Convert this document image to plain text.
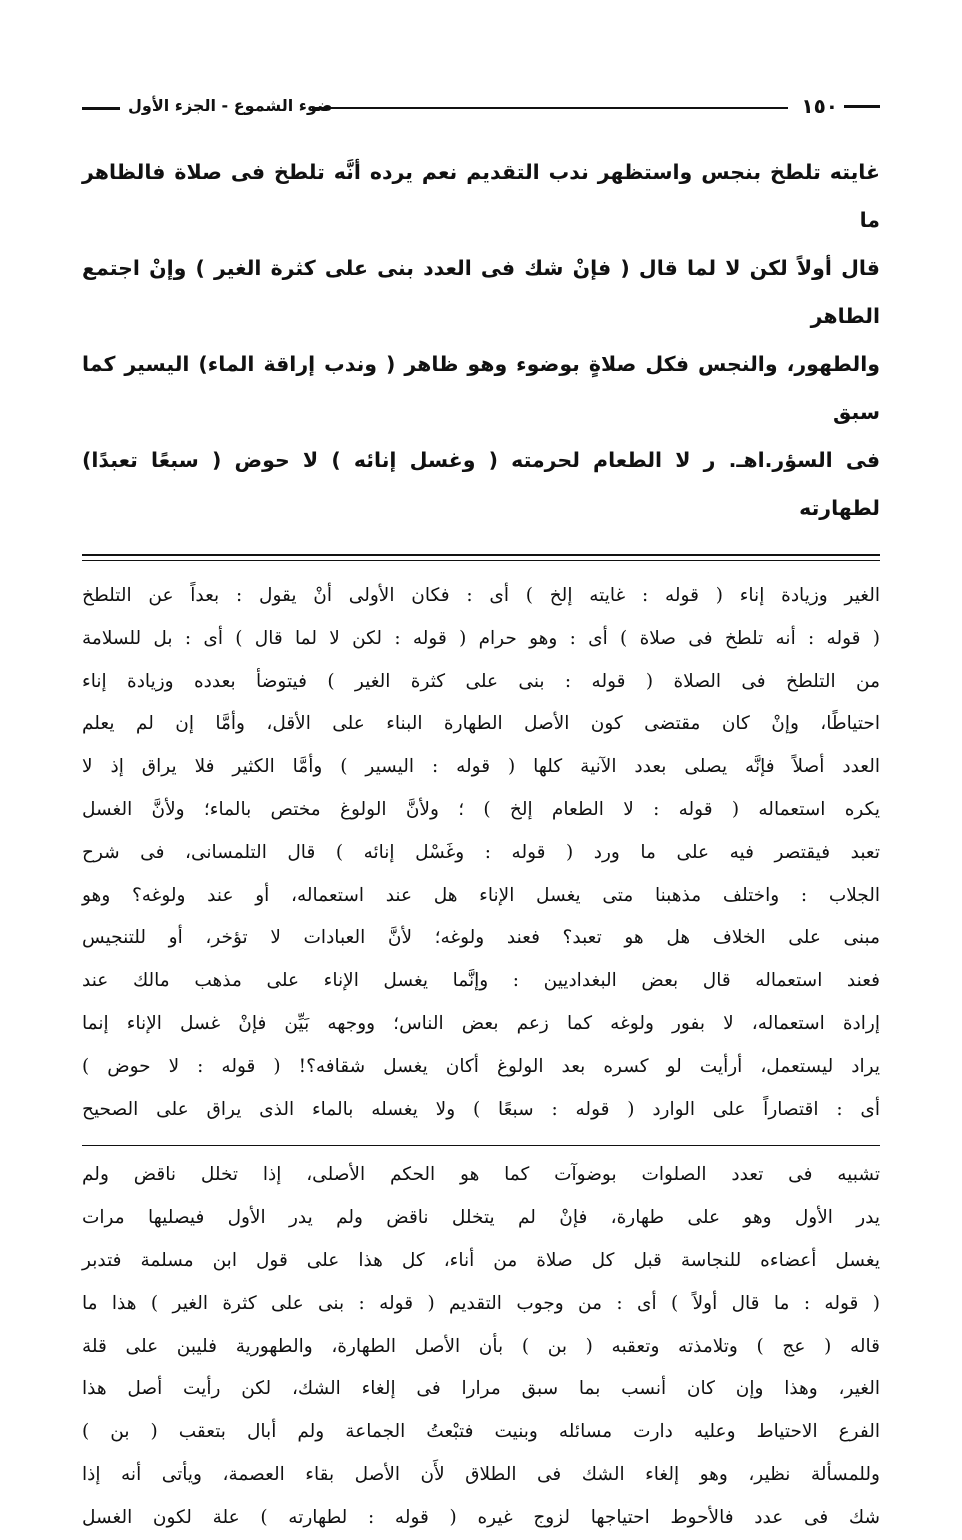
١٥٠
ضوء الشموع - الجزء الأول

غايته تلطخ بنجس واستظهر ندب التقديم نعم يرده أنَّه تلطخ فى صلاة فالظاهر ما

قال أولاً لكن لا لما قال ( فإنْ شك فى العدد بنى على كثرة الغير ) وإنْ اجتمع الطاهر

والطهور، والنجس فكل صلاةٍ بوضوء وهو ظاهر ( وندب إراقة الماء) اليسير كما سبق

فى السؤر.اهـ. ر لا الطعام لحرمته ( وغسل إنائه ) لا حوض ( سبعًا تعبدًا) لطهارته

الغير وزيادة إناء ( قوله : غايته إلخ ) أى : فكان الأولى أنْ يقول : بعداً عن التلطخ

( قوله : أنه تلطخ فى صلاة ) أى : وهو حرام ( قوله : لكن لا لما قال ) أى : بل للسلامة

من التلطخ فى الصلاة ( قوله : بنى على كثرة الغير ) فيتوضأ بعدده وزيادة إناء

احتياطًا، وإنْ كان مقتضى كون الأصل الطهارة البناء على الأقل، وأمَّا إن لم يعلم

العدد أصلاً فإنَّه يصلى بعدد الآنية كلها ( قوله : اليسير ) وأمَّا الكثير فلا يراق إذ لا

يكره استعماله ( قوله : لا الطعام إلخ ) ؛ ولأنَّ الولوغ مختص بالماء؛ ولأنَّ الغسل

تعبد فيقتصر فيه على ما ورد ( قوله : وغَسْل إنائه ) قال التلمسانى، فى شرح

الجلاب : واختلف مذهبنا متى يغسل الإناء هل عند استعماله، أو عند ولوغه؟ وهو

مبنى على الخلاف هل هو تعبد؟ فعند ولوغه؛ لأنَّ العبادات لا تؤخر، أو للتنجيس

فعند استعماله قال بعض البغداديين : وإنَّما يغسل الإناء على مذهب مالك عند

إرادة استعماله، لا بفور ولوغه كما زعم بعض الناس؛ ووجهه بَيِّن فإنْ غسل الإناء إنما

يراد ليستعمل، أرأيت لو كسره بعد الولوغ أكان يغسل شقافه؟! ( قوله : لا حوض )

أى : اقتصاراً على الوارد ( قوله : سبعًا ) ولا يغسله بالماء الذى يراق على الصحيح

تشبيه فى تعدد الصلوات بوضوآت كما هو الحكم الأصلى، إذا تخلل ناقض ولم

يدر الأول وهو على طهارة، فإنْ لم يتخلل ناقض ولم يدر الأول فيصليها مرات

يغسل أعضاءه للنجاسة قبل كل صلاة من أناء، كل هذا على قول ابن مسلمة فتدبر

( قوله : ما قال أولاً ) أى : من وجوب التقديم ( قوله : بنى على كثرة الغير ) هذا ما

قاله ( عج ) وتلامذته وتعقبه ( بن ) بأن الأصل الطهارة، والطهورية فليبن على قلة

الغير، وهذا وإن كان أنسب بما سبق مرارا فى إلغاء الشك، لكن رأيت أصل هذا

الفرع الاحتياط وعليه دارت مسائله وبنيت فتبْعتُ الجماعة ولم أبال بتعقب ( بن )

وللمسألة نظير، وهو إلغاء الشك فى الطلاق لأَن الأصل بقاء العصمة، ويأتى أنه إذا

شك فى عدد فالأحوط احتياجها لزوج غيره ( قوله : لطهارته ) علة لكون الغسل
